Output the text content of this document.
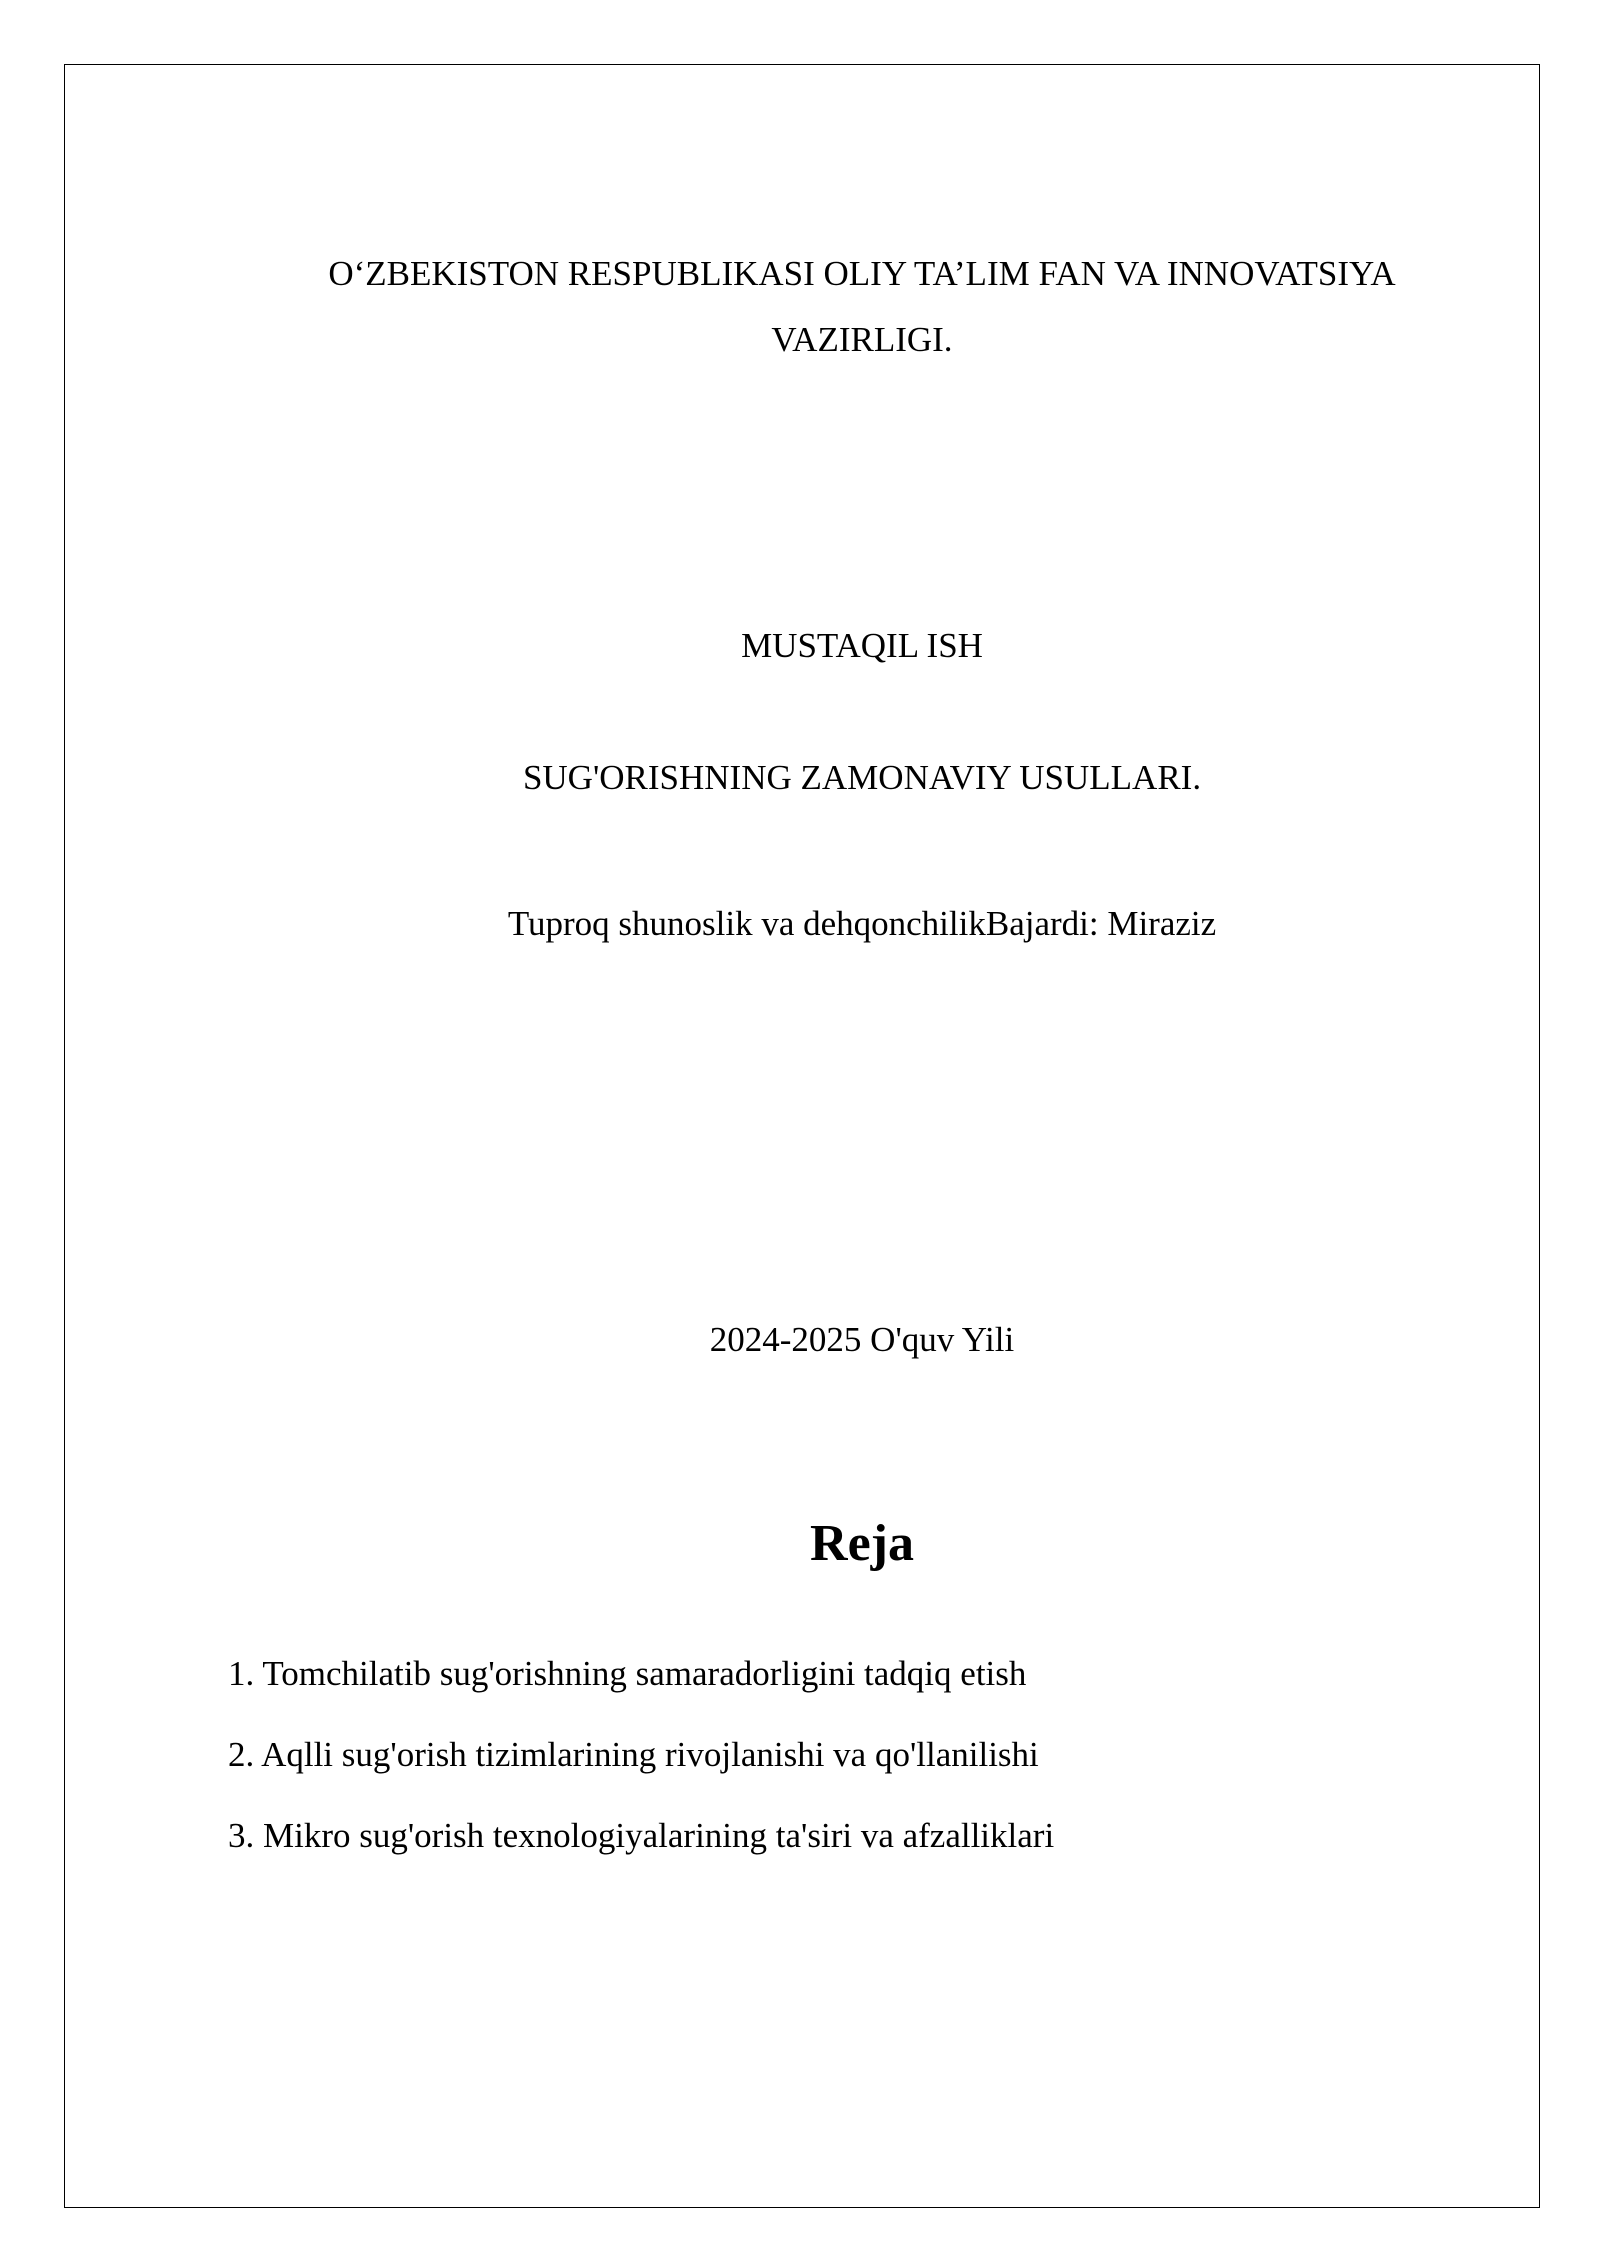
O‘ZBEKISTON RESPUBLIKASI OLIY TA’LIM FAN VA INNOVATSIYA
VAZIRLIGI.
MUSTAQIL ISH
SUG'ORISHNING ZAMONAVIY USULLARI.
Tuproq shunoslik va dehqonchilikBajardi: Miraziz
2024-2025 O'quv Yili
Reja
1. Tomchilatib sug'orishning samaradorligini tadqiq etish
2. Aqlli sug'orish tizimlarining rivojlanishi va qo'llanilishi
3. Mikro sug'orish texnologiyalarining ta'siri va afzalliklari
